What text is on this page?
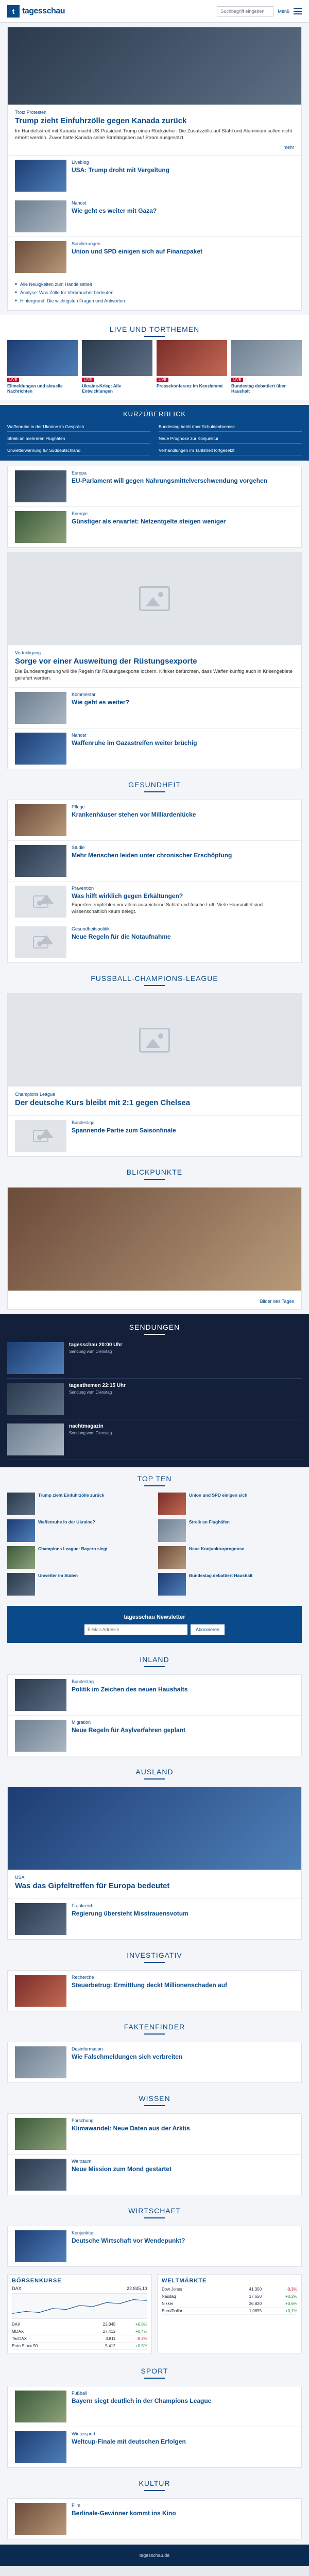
t tagesschau
Suchbegriff eingeben	Menü
Trotz Protesten
Trump zieht Einfuhrzölle gegen Kanada zurück
Im Handelsstreit mit Kanada macht US-Präsident Trump einen Rückzieher: Die Zusatzzölle auf Stahl und Aluminium sollen nicht erhöht werden. Zuvor hatte Kanada seine Strafabgaben auf Strom ausgesetzt.
mehr
Liveblog
USA: Trump droht mit Vergeltung
Nahost
Wie geht es weiter mit Gaza?
Sondierungen
Union und SPD einigen sich auf Finanzpaket
■ Alle Neuigkeiten zum Handelsstreit
■ Analyse: Was Zölle für Verbraucher bedeuten
■ Hintergrund: Die wichtigsten Fragen und Antworten
LIVE UND TORTHEMEN
LIVE
Eilmeldungen und aktuelle Nachrichten
LIVE
Ukraine-Krieg: Alle Entwicklungen
LIVE
Pressekonferenz im Kanzleramt
LIVE
Bundestag debattiert über Haushalt
KURZÜBERBLICK
Waffenruhe in der Ukraine im Gespräch	Bundestag berät über Schuldenbremse
Streik an mehreren Flughäfen	Neue Prognose zur Konjunktur
Unwetterwarnung für Süddeutschland	Verhandlungen im Tarifstreit fortgesetzt
Europa
EU-Parlament will gegen Nahrungsmittelverschwendung vorgehen
Energie
Günstiger als erwartet: Netzentgelte steigen weniger
Verteidigung
Sorge vor einer Ausweitung der Rüstungsexporte
Die Bundesregierung will die Regeln für Rüstungsexporte lockern. Kritiker befürchten, dass Waffen künftig auch in Krisengebiete geliefert werden.
Kommentar
Wie geht es weiter?
Nahost
Waffenruhe im Gazastreifen weiter brüchig
GESUNDHEIT
Pflege
Krankenhäuser stehen vor Milliardenlücke
Studie
Mehr Menschen leiden unter chronischer Erschöpfung
Prävention
Was hilft wirklich gegen Erkältungen?
Experten empfehlen vor allem ausreichend Schlaf und frische Luft. Viele Hausmittel sind wissenschaftlich kaum belegt.
Gesundheitspolitik
Neue Regeln für die Notaufnahme
FUSSBALL-CHAMPIONS-LEAGUE
Champions League
Der deutsche Kurs bleibt mit 2:1 gegen Chelsea
Bundesliga
Spannende Partie zum Saisonfinale
BLICKPUNKTE
Bilder des Tages
SENDUNGEN
tagesschau 20:00 Uhr
Sendung vom Dienstag
tagesthemen 22:15 Uhr
Sendung vom Dienstag
nachtmagazin
Sendung vom Dienstag
TOP TEN
Trump zieht Einfuhrzölle zurück	Union und SPD einigen sich
Waffenruhe in der Ukraine?	Streik an Flughäfen
Champions League: Bayern siegt	Neue Konjunkturprognose
Unwetter im Süden	Bundestag debattiert Haushalt
tagesschau Newsletter
E-Mail-Adresse
Abonnieren
INLAND
Bundestag
Politik im Zeichen des neuen Haushalts
Migration
Neue Regeln für Asylverfahren geplant
AUSLAND
USA
Was das Gipfeltreffen für Europa bedeutet
Frankreich
Regierung übersteht Misstrauensvotum
INVESTIGATIV
Recherche
Steuerbetrug: Ermittlung deckt Millionenschaden auf
FAKTENFINDER
Desinformation
Wie Falschmeldungen sich verbreiten
WISSEN
Forschung
Klimawandel: Neue Daten aus der Arktis
Weltraum
Neue Mission zum Mond gestartet
WIRTSCHAFT
Konjunktur
Deutsche Wirtschaft vor Wendepunkt?
BÖRSENKURSE
DAX	22.845,13
DAX	22.845	+0,8%
MDAX	27.412	+0,4%
TecDAX	3.811	-0,2%
Euro Stoxx 50	5.412	+0,5%
WELTMÄRKTE
Dow Jones	41.350	-0,3%
Nasdaq	17.650	+0,2%
Nikkei	36.820	+0,6%
Euro/Dollar	1,0895	+0,1%
SPORT
Fußball
Bayern siegt deutlich in der Champions League
Wintersport
Weltcup-Finale mit deutschen Erfolgen
KULTUR
Film
Berlinale-Gewinner kommt ins Kino
tagesschau.de
